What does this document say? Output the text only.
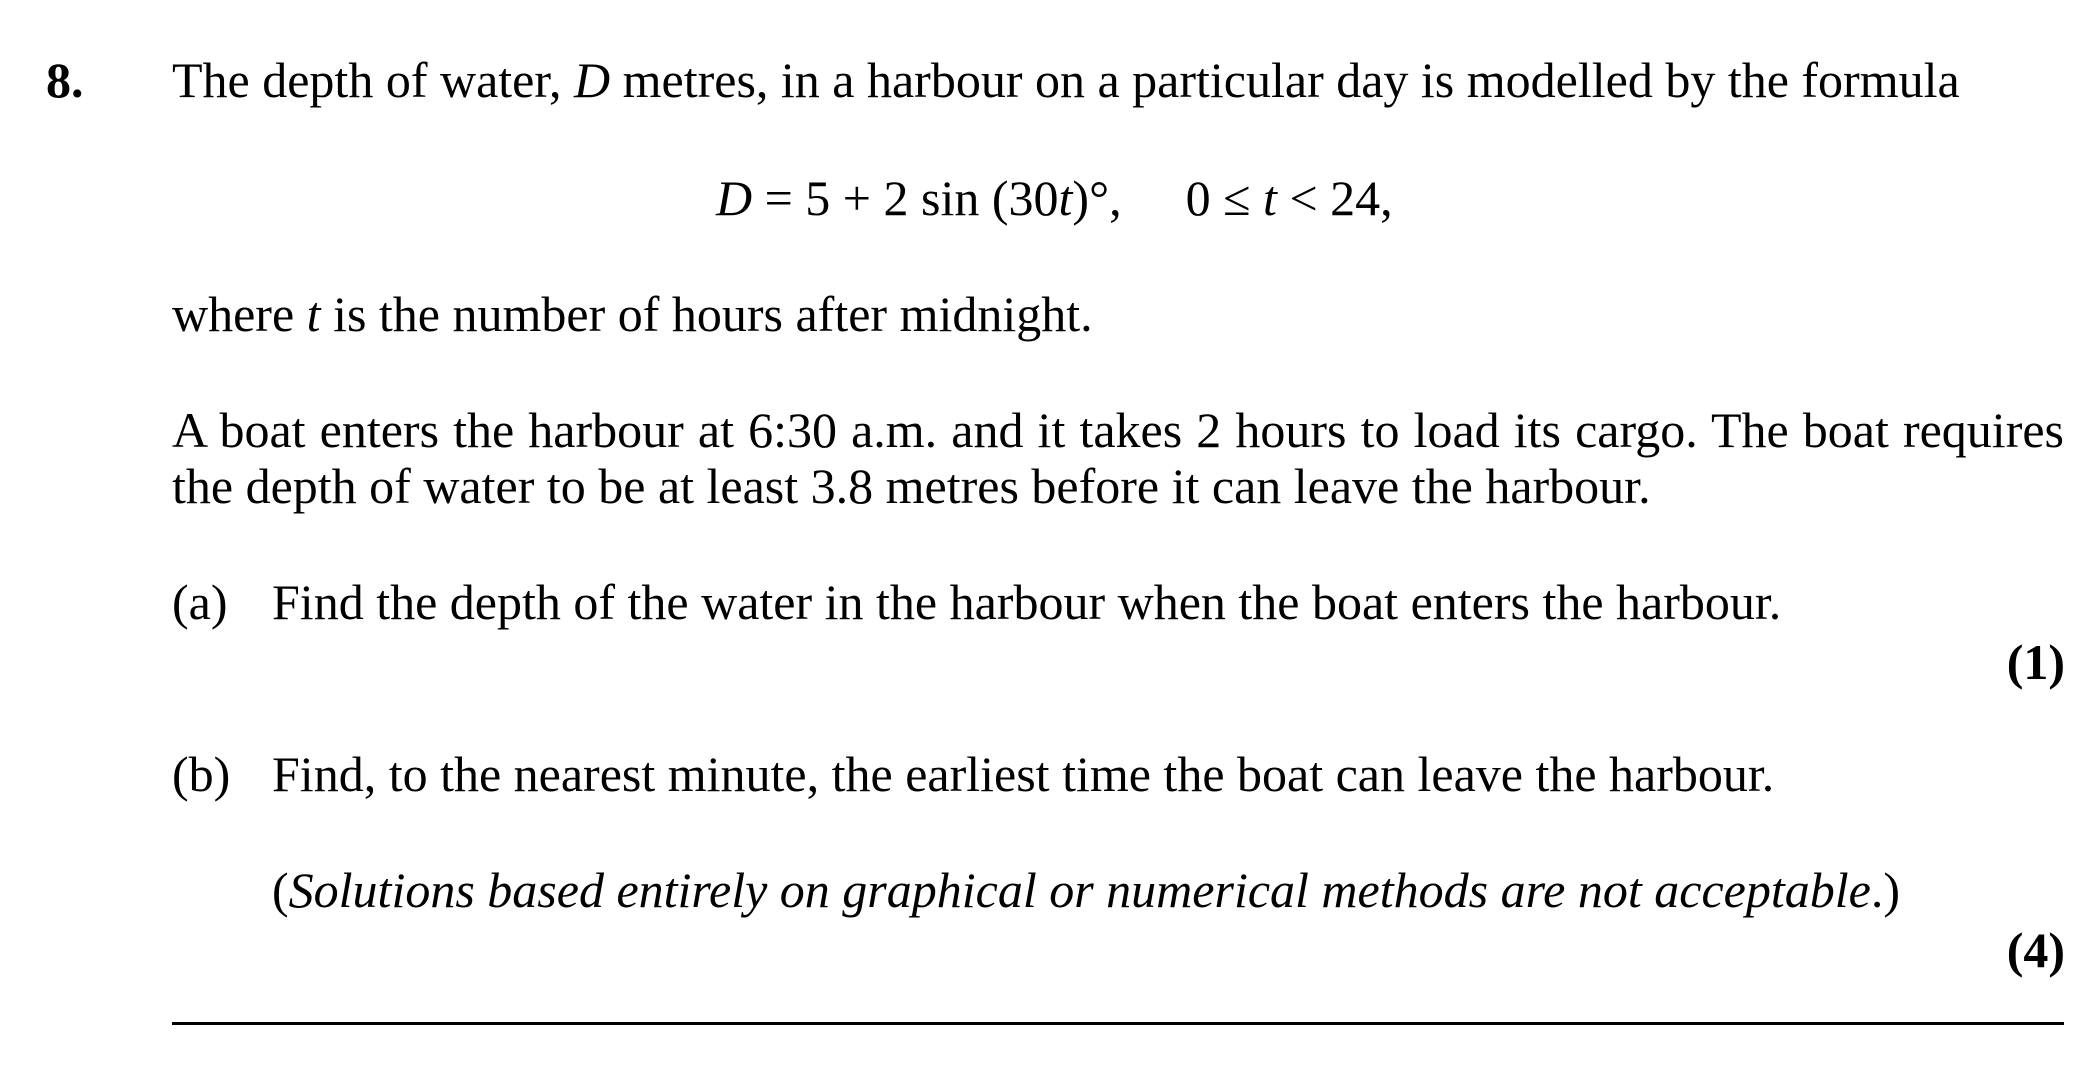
8. The depth of water, D metres, in a harbour on a particular day is modelled by the formula
D = 5 + 2 sin (30t)°, 0 ≤ t < 24,
where t is the number of hours after midnight.
A boat enters the harbour at 6:30 a.m. and it takes 2 hours to load its cargo. The boat requires
the depth of water to be at least 3.8 metres before it can leave the harbour.
(a) Find the depth of the water in the harbour when the boat enters the harbour.
(1)
(b) Find, to the nearest minute, the earliest time the boat can leave the harbour.
(Solutions based entirely on graphical or numerical methods are not acceptable.)
(4)
